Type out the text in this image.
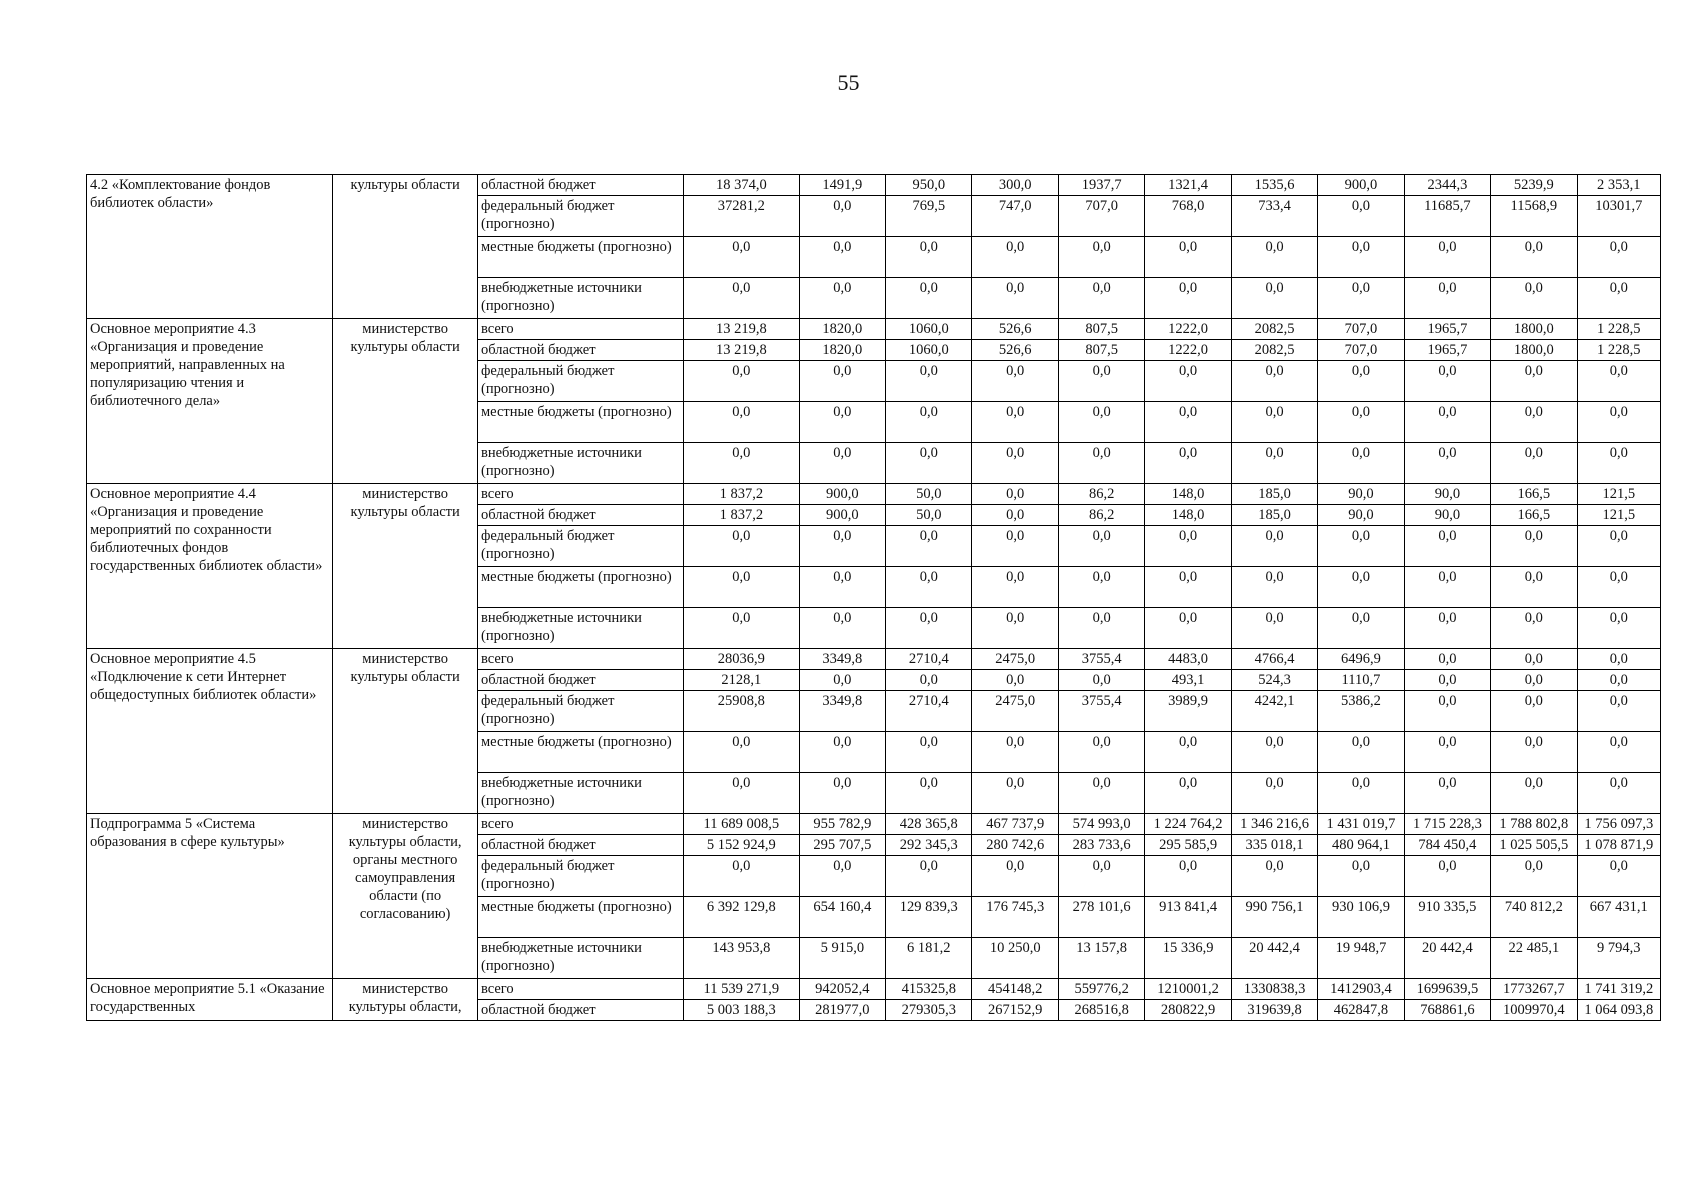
55
4.2 «Комплектование фондов библиотек области»	культуры области	областной бюджет	18 374,0	1491,9	950,0	300,0	1937,7	1321,4	1535,6	900,0	2344,3	5239,9	2 353,1
		федеральный бюджет (прогнозно)	37281,2	0,0	769,5	747,0	707,0	768,0	733,4	0,0	11685,7	11568,9	10301,7
		местные бюджеты (прогнозно)	0,0	0,0	0,0	0,0	0,0	0,0	0,0	0,0	0,0	0,0	0,0
		внебюджетные источники (прогнозно)	0,0	0,0	0,0	0,0	0,0	0,0	0,0	0,0	0,0	0,0	0,0
Основное мероприятие 4.3 «Организация и проведение мероприятий, направленных на популяризацию чтения и библиотечного дела»	министерство культуры области	всего	13 219,8	1820,0	1060,0	526,6	807,5	1222,0	2082,5	707,0	1965,7	1800,0	1 228,5
		областной бюджет	13 219,8	1820,0	1060,0	526,6	807,5	1222,0	2082,5	707,0	1965,7	1800,0	1 228,5
		федеральный бюджет (прогнозно)	0,0	0,0	0,0	0,0	0,0	0,0	0,0	0,0	0,0	0,0	0,0
		местные бюджеты (прогнозно)	0,0	0,0	0,0	0,0	0,0	0,0	0,0	0,0	0,0	0,0	0,0
		внебюджетные источники (прогнозно)	0,0	0,0	0,0	0,0	0,0	0,0	0,0	0,0	0,0	0,0	0,0
Основное мероприятие 4.4 «Организация и проведение мероприятий по сохранности библиотечных фондов государственных библиотек области»	министерство культуры области	всего	1 837,2	900,0	50,0	0,0	86,2	148,0	185,0	90,0	90,0	166,5	121,5
		областной бюджет	1 837,2	900,0	50,0	0,0	86,2	148,0	185,0	90,0	90,0	166,5	121,5
		федеральный бюджет (прогнозно)	0,0	0,0	0,0	0,0	0,0	0,0	0,0	0,0	0,0	0,0	0,0
		местные бюджеты (прогнозно)	0,0	0,0	0,0	0,0	0,0	0,0	0,0	0,0	0,0	0,0	0,0
		внебюджетные источники (прогнозно)	0,0	0,0	0,0	0,0	0,0	0,0	0,0	0,0	0,0	0,0	0,0
Основное мероприятие 4.5 «Подключение к сети Интернет общедоступных библиотек области»	министерство культуры области	всего	28036,9	3349,8	2710,4	2475,0	3755,4	4483,0	4766,4	6496,9	0,0	0,0	0,0
		областной бюджет	2128,1	0,0	0,0	0,0	0,0	493,1	524,3	1110,7	0,0	0,0	0,0
		федеральный бюджет (прогнозно)	25908,8	3349,8	2710,4	2475,0	3755,4	3989,9	4242,1	5386,2	0,0	0,0	0,0
		местные бюджеты (прогнозно)	0,0	0,0	0,0	0,0	0,0	0,0	0,0	0,0	0,0	0,0	0,0
		внебюджетные источники (прогнозно)	0,0	0,0	0,0	0,0	0,0	0,0	0,0	0,0	0,0	0,0	0,0
Подпрограмма 5 «Система образования в сфере культуры»	министерство культуры области, органы местного самоуправления области (по согласованию)	всего	11 689 008,5	955 782,9	428 365,8	467 737,9	574 993,0	1 224 764,2	1 346 216,6	1 431 019,7	1 715 228,3	1 788 802,8	1 756 097,3
		областной бюджет	5 152 924,9	295 707,5	292 345,3	280 742,6	283 733,6	295 585,9	335 018,1	480 964,1	784 450,4	1 025 505,5	1 078 871,9
		федеральный бюджет (прогнозно)	0,0	0,0	0,0	0,0	0,0	0,0	0,0	0,0	0,0	0,0	0,0
		местные бюджеты (прогнозно)	6 392 129,8	654 160,4	129 839,3	176 745,3	278 101,6	913 841,4	990 756,1	930 106,9	910 335,5	740 812,2	667 431,1
		внебюджетные источники (прогнозно)	143 953,8	5 915,0	6 181,2	10 250,0	13 157,8	15 336,9	20 442,4	19 948,7	20 442,4	22 485,1	9 794,3
Основное мероприятие 5.1 «Оказание государственных	министерство культуры области,	всего	11 539 271,9	942052,4	415325,8	454148,2	559776,2	1210001,2	1330838,3	1412903,4	1699639,5	1773267,7	1 741 319,2
		областной бюджет	5 003 188,3	281977,0	279305,3	267152,9	268516,8	280822,9	319639,8	462847,8	768861,6	1009970,4	1 064 093,8
